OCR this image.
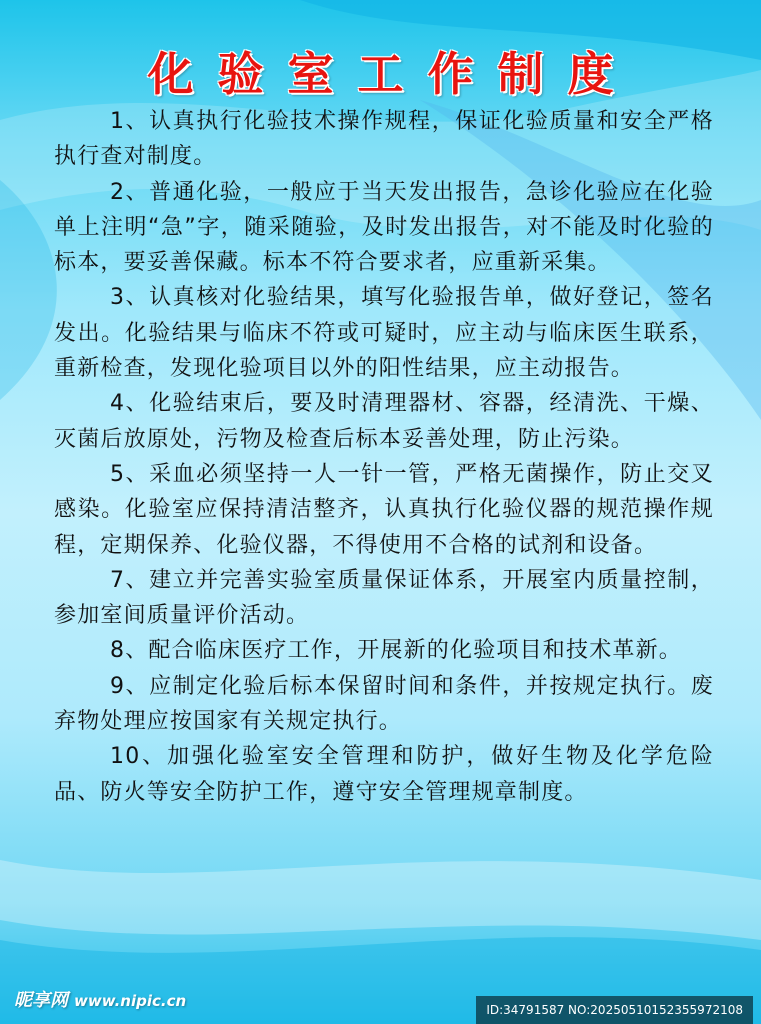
化验室工作制度

1、认真执行化验技术操作规程，保证化验质量和安全严格执行查对制度。

2、普通化验，一般应于当天发出报告，急诊化验应在化验单上注明“急”字，随采随验，及时发出报告，对不能及时化验的标本，要妥善保藏。标本不符合要求者，应重新采集。

3、认真核对化验结果，填写化验报告单，做好登记，签名发出。化验结果与临床不符或可疑时，应主动与临床医生联系，重新检查，发现化验项目以外的阳性结果，应主动报告。

4、化验结束后，要及时清理器材、容器，经清洗、干燥、灭菌后放原处，污物及检查后标本妥善处理，防止污染。

5、采血必须坚持一人一针一管，严格无菌操作，防止交叉感染。化验室应保持清洁整齐，认真执行化验仪器的规范操作规程，定期保养、化验仪器，不得使用不合格的试剂和设备。

7、建立并完善实验室质量保证体系，开展室内质量控制，参加室间质量评价活动。

8、配合临床医疗工作，开展新的化验项目和技术革新。

9、应制定化验后标本保留时间和条件，并按规定执行。废弃物处理应按国家有关规定执行。

10、加强化验室安全管理和防护，做好生物及化学危险品、防火等安全防护工作，遵守安全管理规章制度。

昵享网 www.nipic.cn	ID:34791587 NO:20250510152355972108
